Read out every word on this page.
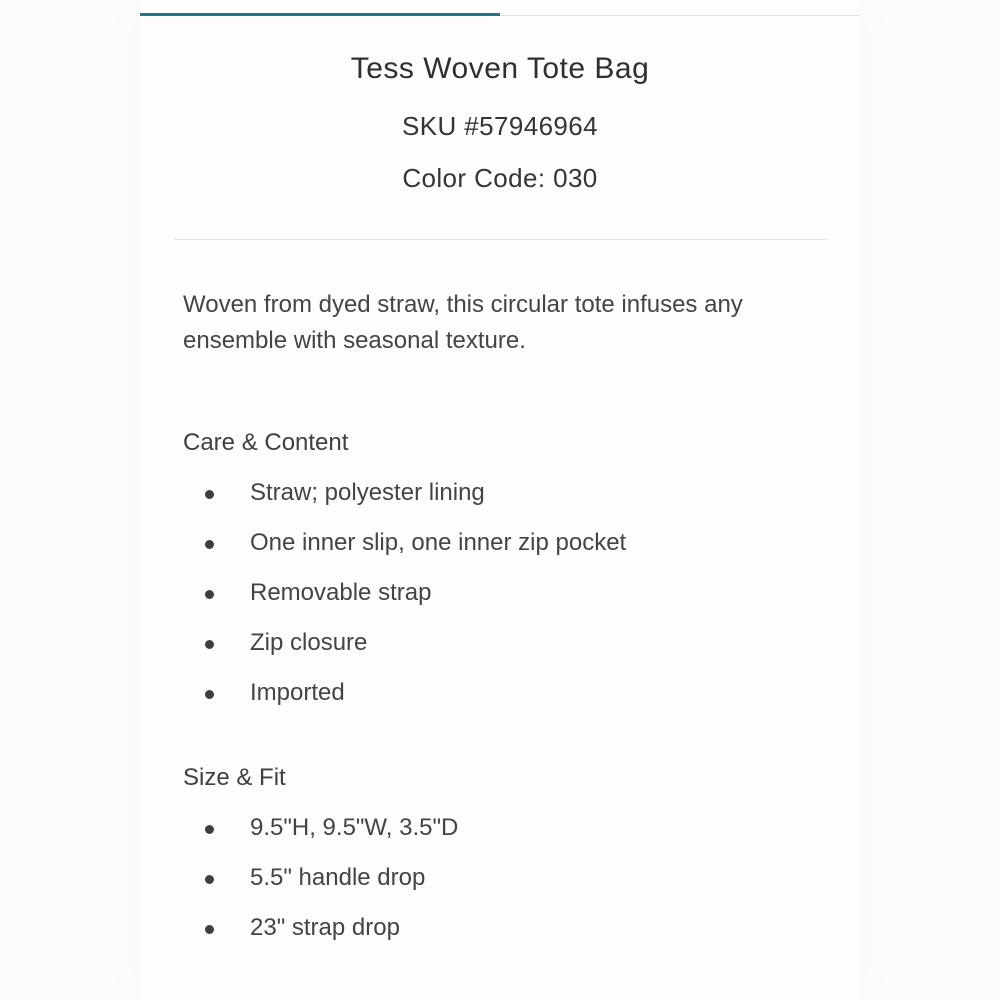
Tess Woven Tote Bag
SKU #57946964
Color Code: 030
Woven from dyed straw, this circular tote infuses any ensemble with seasonal texture.
Care & Content
Straw; polyester lining
One inner slip, one inner zip pocket
Removable strap
Zip closure
Imported
Size & Fit
9.5"H, 9.5"W, 3.5"D
5.5" handle drop
23" strap drop
